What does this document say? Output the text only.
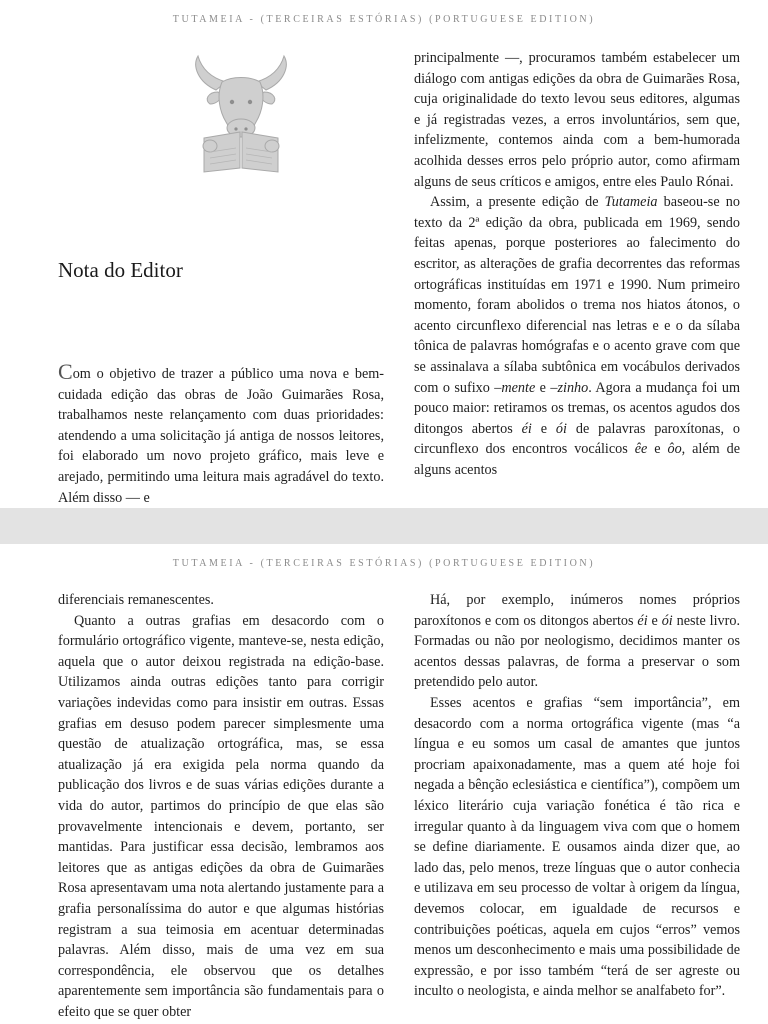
TUTAMEIA - (TERCEIRAS ESTÓRIAS) (PORTUGUESE EDITION)
Nota do Editor

Com o objetivo de trazer a público uma nova e bem-cuidada edição das obras de João Guimarães Rosa, trabalhamos neste relançamento com duas prioridades: atendendo a uma solicitação já antiga de nossos leitores, foi elaborado um novo projeto gráfico, mais leve e arejado, permitindo uma leitura mais agradável do texto. Além disso — e

principalmente —, procuramos também estabelecer um diálogo com antigas edições da obra de Guimarães Rosa, cuja originalidade do texto levou seus editores, algumas e já registradas vezes, a erros involuntários, sem que, infelizmente, contemos ainda com a bem-humorada acolhida desses erros pelo próprio autor, como afirmam alguns de seus críticos e amigos, entre eles Paulo Rónai.

Assim, a presente edição de Tutameia baseou-se no texto da 2ª edição da obra, publicada em 1969, sendo feitas apenas, porque posteriores ao falecimento do escritor, as alterações de grafia decorrentes das reformas ortográficas instituídas em 1971 e 1990. Num primeiro momento, foram abolidos o trema nos hiatos átonos, o acento circunflexo diferencial nas letras e e o da sílaba tônica de palavras homógrafas e o acento grave com que se assinalava a sílaba subtônica em vocábulos derivados com o sufixo –mente e –zinho. Agora a mudança foi um pouco maior: retiramos os tremas, os acentos agudos dos ditongos abertos éi e ói de palavras paroxítonas, o circunflexo dos encontros vocálicos êe e ôo, além de alguns acentos

TUTAMEIA - (TERCEIRAS ESTÓRIAS) (PORTUGUESE EDITION)

diferenciais remanescentes.

Quanto a outras grafias em desacordo com o formulário ortográfico vigente, manteve-se, nesta edição, aquela que o autor deixou registrada na edição-base. Utilizamos ainda outras edições tanto para corrigir variações indevidas como para insistir em outras. Essas grafias em desuso podem parecer simplesmente uma questão de atualização ortográfica, mas, se essa atualização já era exigida pela norma quando da publicação dos livros e de suas várias edições durante a vida do autor, partimos do princípio de que elas são provavelmente intencionais e devem, portanto, ser mantidas. Para justificar essa decisão, lembramos aos leitores que as antigas edições da obra de Guimarães Rosa apresentavam uma nota alertando justamente para a grafia personalíssima do autor e que algumas histórias registram a sua teimosia em acentuar determinadas palavras. Além disso, mais de uma vez em sua correspondência, ele observou que os detalhes aparentemente sem importância são fundamentais para o efeito que se quer obter

Há, por exemplo, inúmeros nomes próprios paroxítonos e com os ditongos abertos éi e ói neste livro. Formadas ou não por neologismo, decidimos manter os acentos dessas palavras, de forma a preservar o som pretendido pelo autor.

Esses acentos e grafias “sem importância”, em desacordo com a norma ortográfica vigente (mas “a língua e eu somos um casal de amantes que juntos procriam apaixonadamente, mas a quem até hoje foi negada a bênção eclesiástica e científica”), compõem um léxico literário cuja variação fonética é tão rica e irregular quanto à da linguagem viva com que o homem se define diariamente. E ousamos ainda dizer que, ao lado das, pelo menos, treze línguas que o autor conhecia e utilizava em seu processo de voltar à origem da língua, devemos colocar, em igualdade de recursos e contribuições poéticas, aquela em cujos “erros” vemos menos um desconhecimento e mais uma possibilidade de expressão, e por isso também “terá de ser agreste ou inculto o neologista, e ainda melhor se analfabeto for”.
